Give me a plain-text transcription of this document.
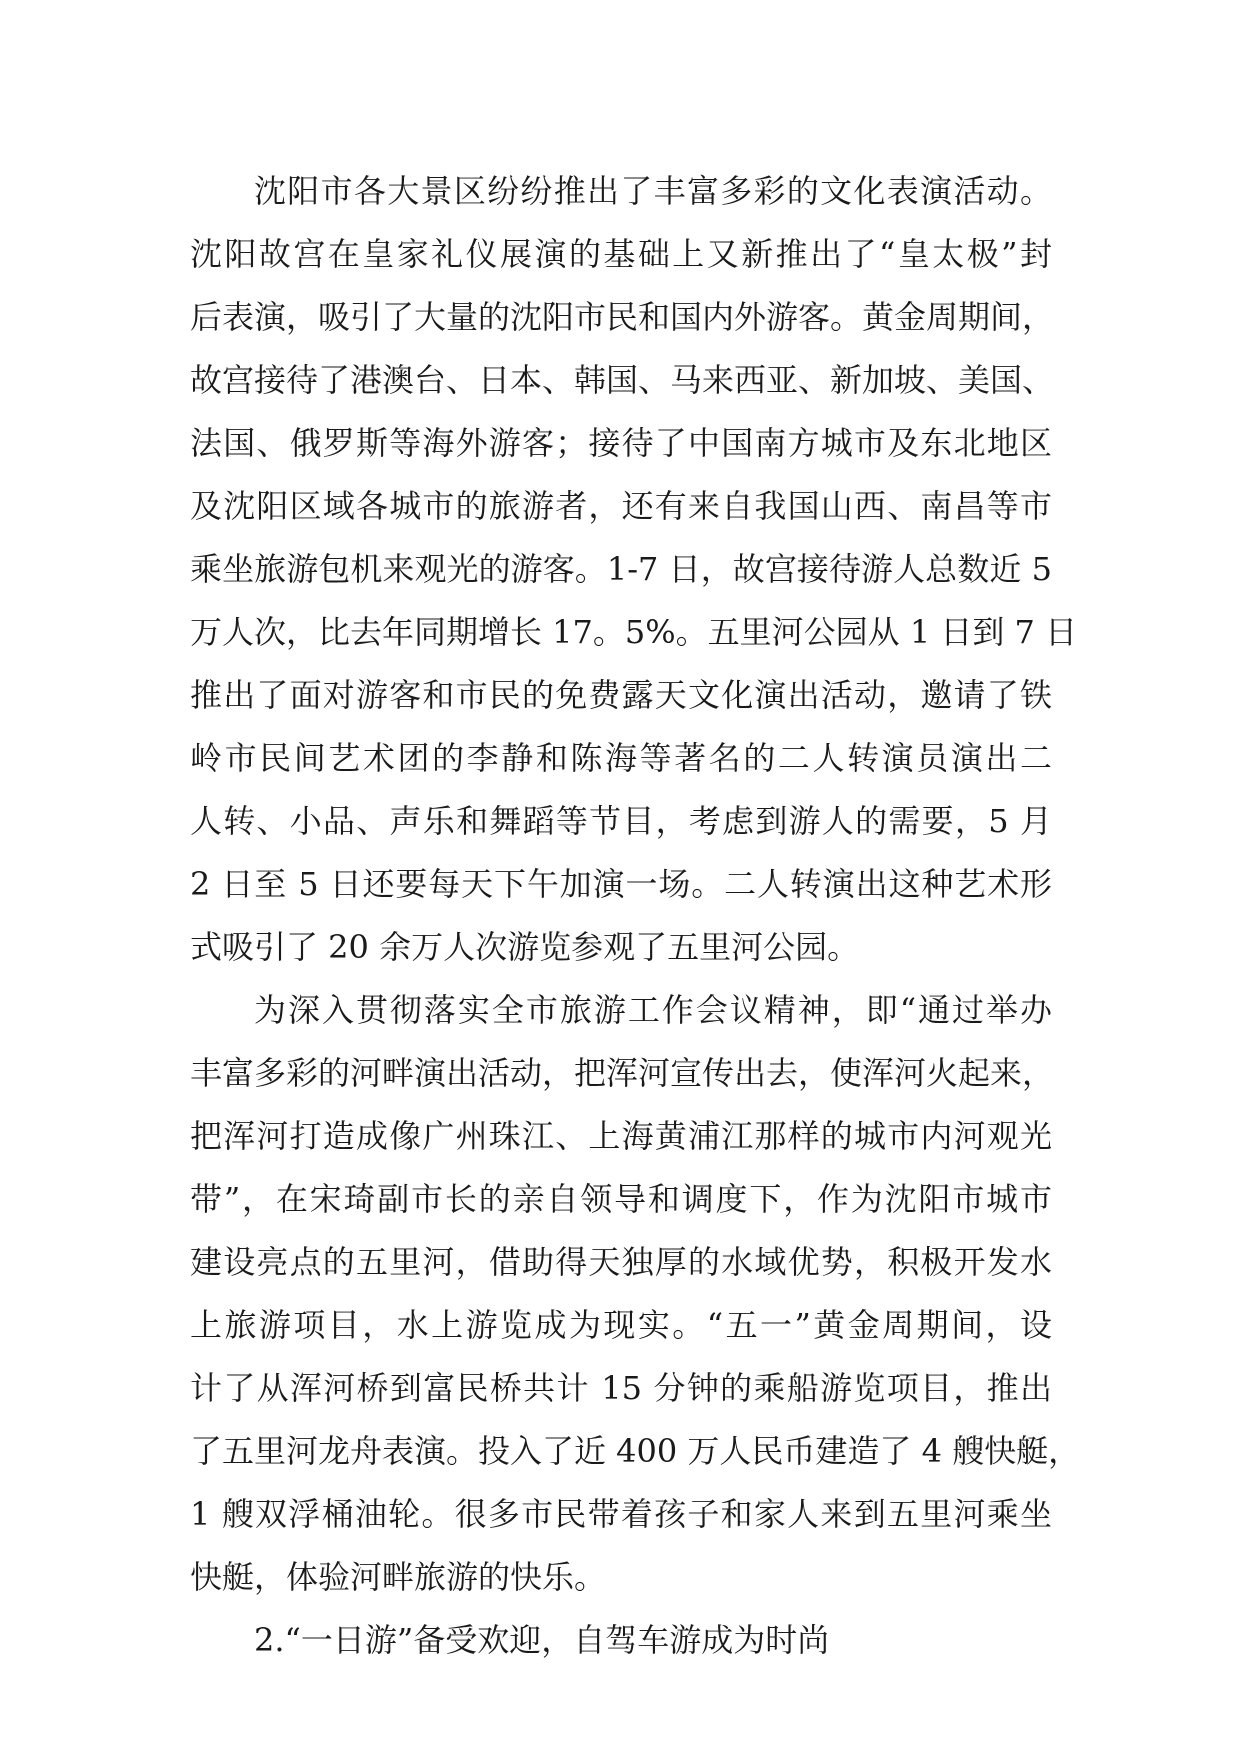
沈阳市各大景区纷纷推出了丰富多彩的文化表演活动。
沈阳故宫在皇家礼仪展演的基础上又新推出了“皇太极”封
后表演，吸引了大量的沈阳市民和国内外游客。黄金周期间，
故宫接待了港澳台、日本、韩国、马来西亚、新加坡、美国、
法国、俄罗斯等海外游客；接待了中国南方城市及东北地区
及沈阳区域各城市的旅游者，还有来自我国山西、南昌等市
乘坐旅游包机来观光的游客。1-7 日，故宫接待游人总数近 5
万人次，比去年同期增长 17。5%。五里河公园从 1 日到 7 日
推出了面对游客和市民的免费露天文化演出活动，邀请了铁
岭市民间艺术团的李静和陈海等著名的二人转演员演出二
人转、小品、声乐和舞蹈等节目，考虑到游人的需要，5 月
2 日至 5 日还要每天下午加演一场。二人转演出这种艺术形
式吸引了 20 余万人次游览参观了五里河公园。
为深入贯彻落实全市旅游工作会议精神，即“通过举办
丰富多彩的河畔演出活动，把浑河宣传出去，使浑河火起来，
把浑河打造成像广州珠江、上海黄浦江那样的城市内河观光
带”，在宋琦副市长的亲自领导和调度下，作为沈阳市城市
建设亮点的五里河，借助得天独厚的水域优势，积极开发水
上旅游项目，水上游览成为现实。“五一”黄金周期间，设
计了从浑河桥到富民桥共计 15 分钟的乘船游览项目，推出
了五里河龙舟表演。投入了近 400 万人民币建造了 4 艘快艇，
1 艘双浮桶油轮。很多市民带着孩子和家人来到五里河乘坐
快艇，体验河畔旅游的快乐。
2.“一日游”备受欢迎，自驾车游成为时尚
